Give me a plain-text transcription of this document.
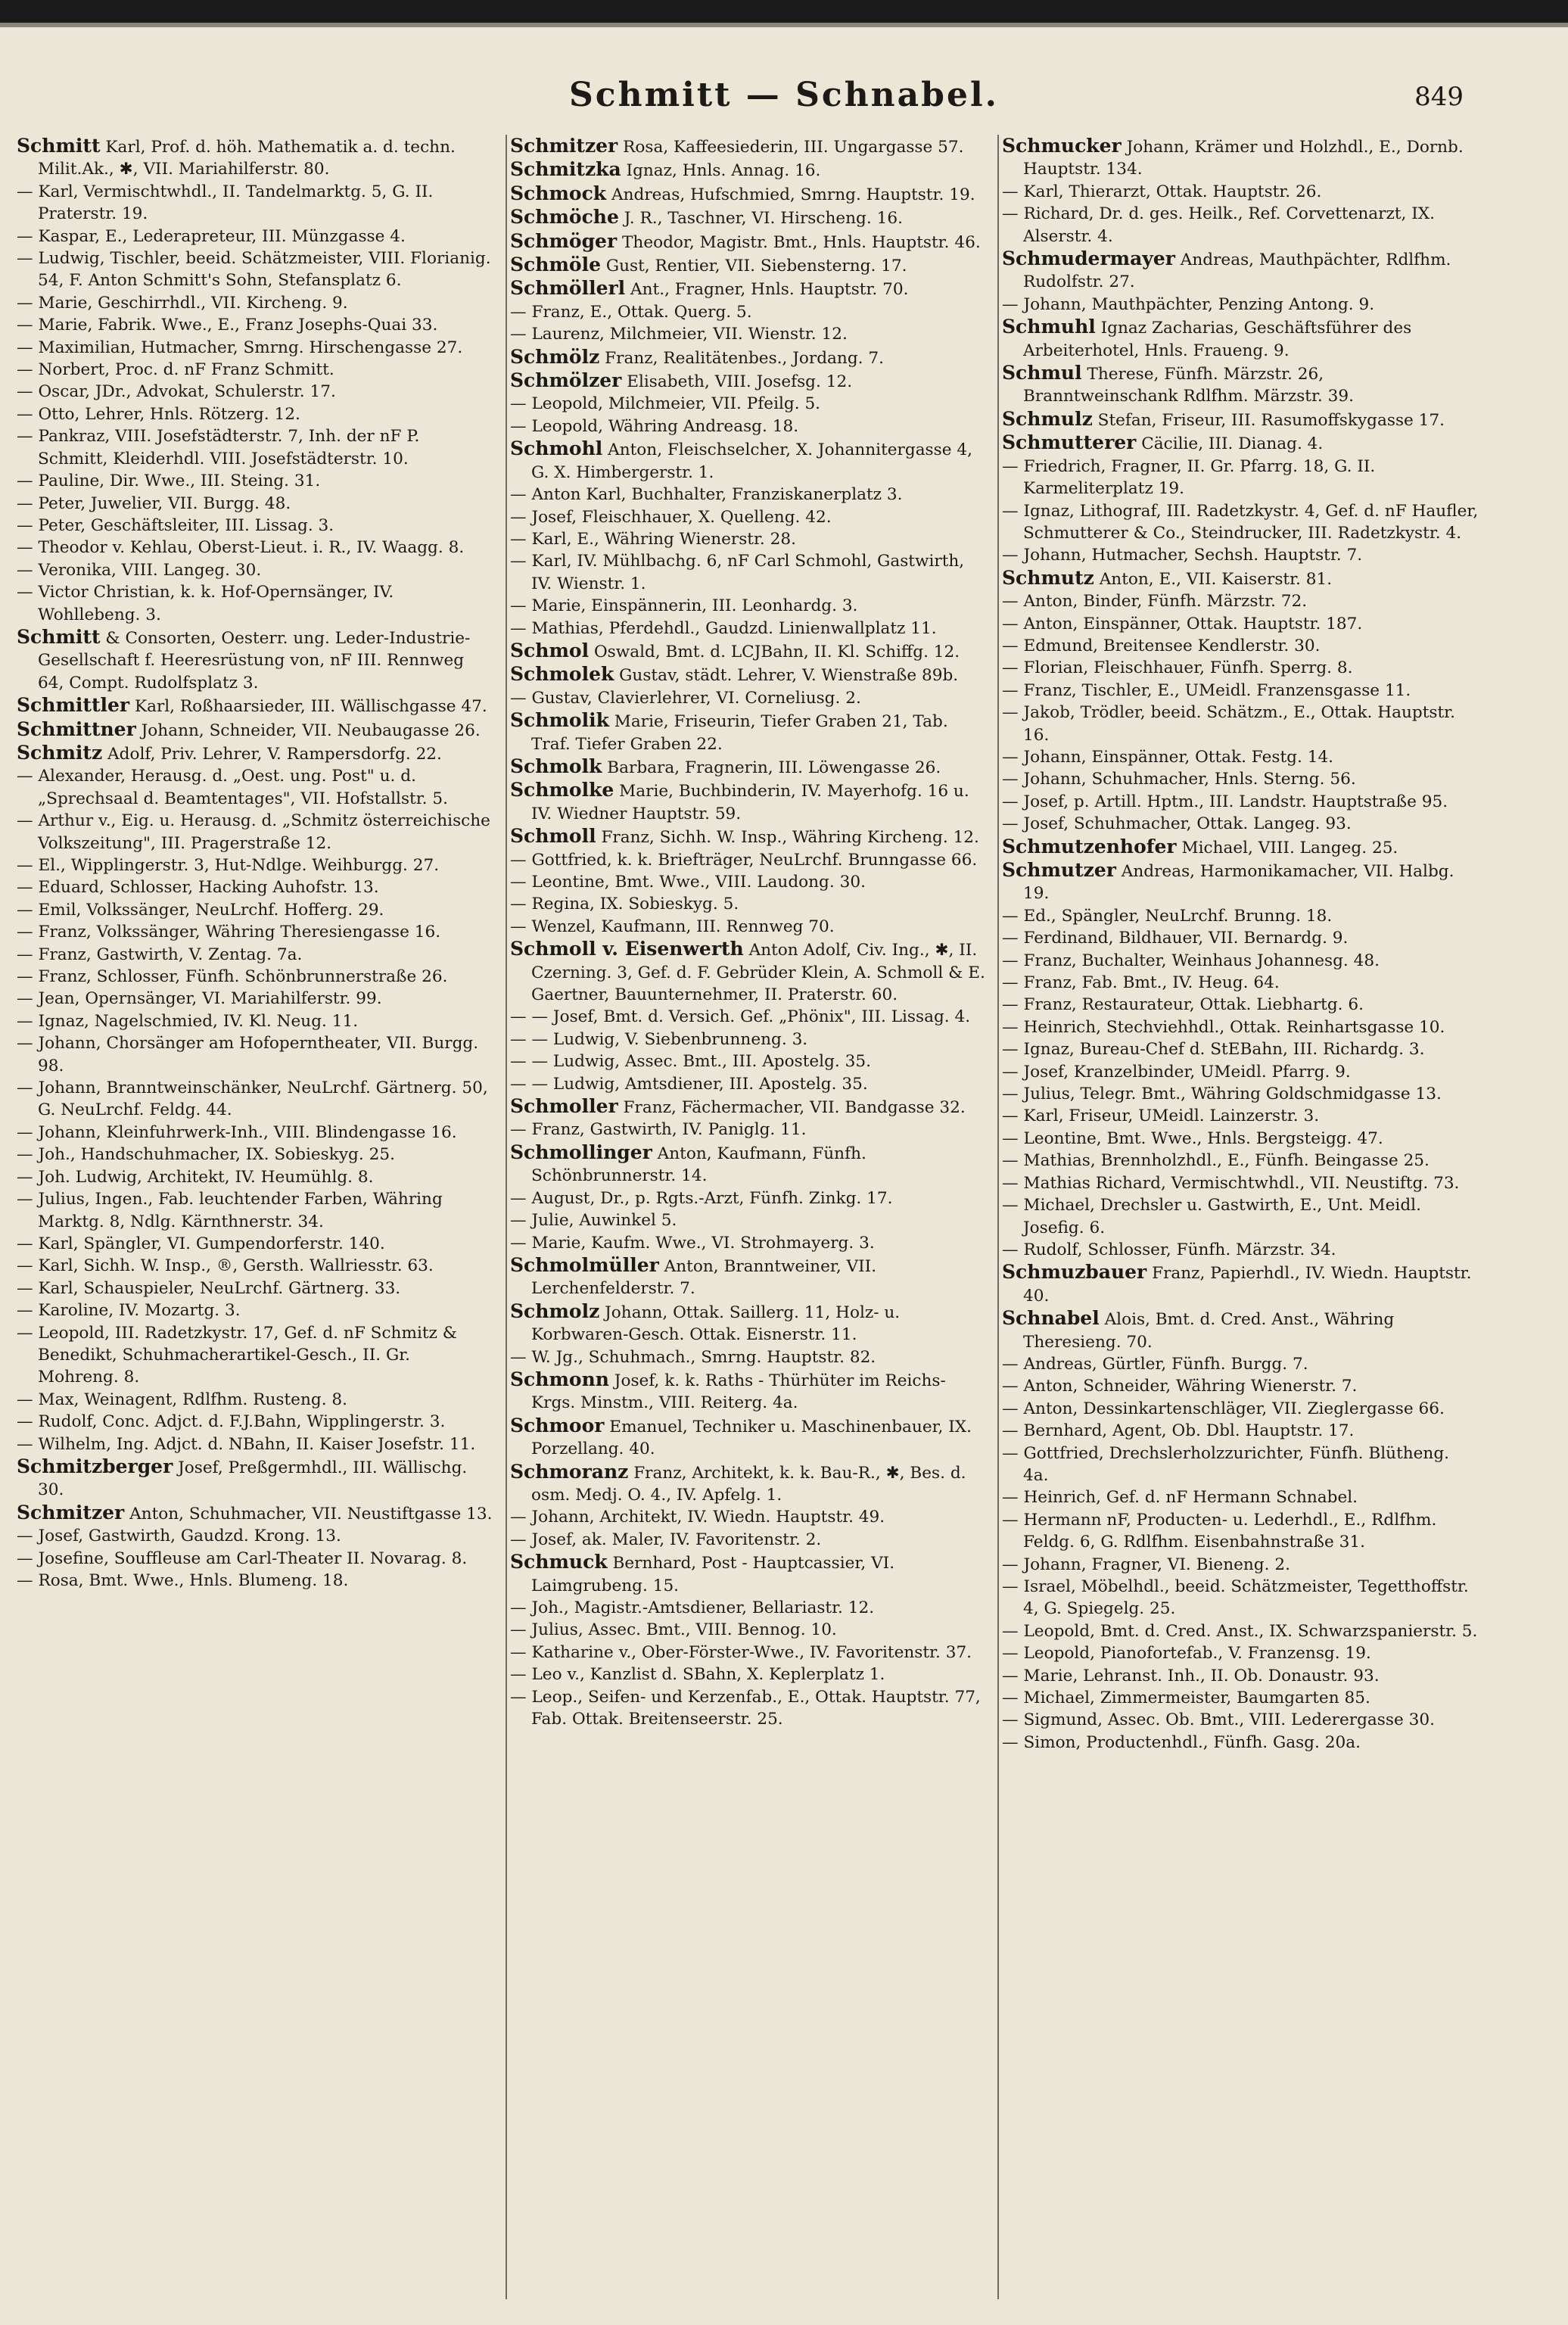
Schmitt — Schnabel.	849

Schmitt Karl, Prof. d. höh. Mathematik a. d. techn. Milit.Ak., ✱, VII. Mariahilferstr. 80.

— Karl, Vermischtwhdl., II. Tandelmarktg. 5, G. II. Praterstr. 19.

— Kaspar, E., Lederapreteur, III. Münzgasse 4.

— Ludwig, Tischler, beeid. Schätzmeister, VIII. Florianig. 54, F. Anton Schmitt's Sohn, Stefansplatz 6.

— Marie, Geschirrhdl., VII. Kircheng. 9.

— Marie, Fabrik. Wwe., E., Franz Josephs-Quai 33.

— Maximilian, Hutmacher, Smrng. Hirschengasse 27.

— Norbert, Proc. d. nF Franz Schmitt.

— Oscar, JDr., Advokat, Schulerstr. 17.

— Otto, Lehrer, Hnls. Rötzerg. 12.

— Pankraz, VIII. Josefstädterstr. 7, Inh. der nF P. Schmitt, Kleiderhdl. VIII. Josefstädterstr. 10.

— Pauline, Dir. Wwe., III. Steing. 31.

— Peter, Juwelier, VII. Burgg. 48.

— Peter, Geschäftsleiter, III. Lissag. 3.

— Theodor v. Kehlau, Oberst-Lieut. i. R., IV. Waagg. 8.

— Veronika, VIII. Langeg. 30.

— Victor Christian, k. k. Hof-Opernsänger, IV. Wohllebeng. 3.

Schmitt & Consorten, Oesterr. ung. Leder-Industrie-Gesellschaft f. Heeresrüstung von, nF III. Rennweg 64, Compt. Rudolfsplatz 3.

Schmittler Karl, Roßhaarsieder, III. Wällischgasse 47.

Schmittner Johann, Schneider, VII. Neubaugasse 26.

Schmitz Adolf, Priv. Lehrer, V. Rampersdorfg. 22.

— Alexander, Herausg. d. „Oest. ung. Post" u. d. „Sprechsaal d. Beamtentages", VII. Hofstallstr. 5.

— Arthur v., Eig. u. Herausg. d. „Schmitz österreichische Volkszeitung", III. Pragerstraße 12.

— El., Wipplingerstr. 3, Hut-Ndlge. Weihburgg. 27.

— Eduard, Schlosser, Hacking Auhofstr. 13.

— Emil, Volkssänger, NeuLrchf. Hofferg. 29.

— Franz, Volkssänger, Währing Theresiengasse 16.

— Franz, Gastwirth, V. Zentag. 7a.

— Franz, Schlosser, Fünfh. Schönbrunnerstraße 26.

— Jean, Opernsänger, VI. Mariahilferstr. 99.

— Ignaz, Nagelschmied, IV. Kl. Neug. 11.

— Johann, Chorsänger am Hofoperntheater, VII. Burgg. 98.

— Johann, Branntweinschänker, NeuLrchf. Gärtnerg. 50, G. NeuLrchf. Feldg. 44.

— Johann, Kleinfuhrwerk-Inh., VIII. Blindengasse 16.

— Joh., Handschuhmacher, IX. Sobieskyg. 25.

— Joh. Ludwig, Architekt, IV. Heumühlg. 8.

— Julius, Ingen., Fab. leuchtender Farben, Währing Marktg. 8, Ndlg. Kärnthnerstr. 34.

— Karl, Spängler, VI. Gumpendorferstr. 140.

— Karl, Sichh. W. Insp., ®, Gersth. Wallriesstr. 63.

— Karl, Schauspieler, NeuLrchf. Gärtnerg. 33.

— Karoline, IV. Mozartg. 3.

— Leopold, III. Radetzkystr. 17, Gef. d. nF Schmitz & Benedikt, Schuhmacherartikel-Gesch., II. Gr. Mohreng. 8.

— Max, Weinagent, Rdlfhm. Rusteng. 8.

— Rudolf, Conc. Adjct. d. F.J.Bahn, Wipplingerstr. 3.

— Wilhelm, Ing. Adjct. d. NBahn, II. Kaiser Josefstr. 11.

Schmitzberger Josef, Preßgermhdl., III. Wällischg. 30.

Schmitzer Anton, Schuhmacher, VII. Neustiftgasse 13.

— Josef, Gastwirth, Gaudzd. Krong. 13.

— Josefine, Souffleuse am Carl-Theater II. Novarag. 8.

— Rosa, Bmt. Wwe., Hnls. Blumeng. 18.

Schmitzer Rosa, Kaffeesiederin, III. Ungargasse 57.

Schmitzka Ignaz, Hnls. Annag. 16.

Schmock Andreas, Hufschmied, Smrng. Hauptstr. 19.

Schmöche J. R., Taschner, VI. Hirscheng. 16.

Schmöger Theodor, Magistr. Bmt., Hnls. Hauptstr. 46.

Schmöle Gust, Rentier, VII. Siebensterng. 17.

Schmöllerl Ant., Fragner, Hnls. Hauptstr. 70.

— Franz, E., Ottak. Querg. 5.

— Laurenz, Milchmeier, VII. Wienstr. 12.

Schmölz Franz, Realitätenbes., Jordang. 7.

Schmölzer Elisabeth, VIII. Josefsg. 12.

— Leopold, Milchmeier, VII. Pfeilg. 5.

— Leopold, Währing Andreasg. 18.

Schmohl Anton, Fleischselcher, X. Johannitergasse 4, G. X. Himbergerstr. 1.

— Anton Karl, Buchhalter, Franziskanerplatz 3.

— Josef, Fleischhauer, X. Quelleng. 42.

— Karl, E., Währing Wienerstr. 28.

— Karl, IV. Mühlbachg. 6, nF Carl Schmohl, Gastwirth, IV. Wienstr. 1.

— Marie, Einspännerin, III. Leonhardg. 3.

— Mathias, Pferdehdl., Gaudzd. Linienwallplatz 11.

Schmol Oswald, Bmt. d. LCJBahn, II. Kl. Schiffg. 12.

Schmolek Gustav, städt. Lehrer, V. Wienstraße 89b.

— Gustav, Clavierlehrer, VI. Corneliusg. 2.

Schmolik Marie, Friseurin, Tiefer Graben 21, Tab. Traf. Tiefer Graben 22.

Schmolk Barbara, Fragnerin, III. Löwengasse 26.

Schmolke Marie, Buchbinderin, IV. Mayerhofg. 16 u. IV. Wiedner Hauptstr. 59.

Schmoll Franz, Sichh. W. Insp., Währing Kircheng. 12.

— Gottfried, k. k. Briefträger, NeuLrchf. Brunngasse 66.

— Leontine, Bmt. Wwe., VIII. Laudong. 30.

— Regina, IX. Sobieskyg. 5.

— Wenzel, Kaufmann, III. Rennweg 70.

Schmoll v. Eisenwerth Anton Adolf, Civ. Ing., ✱, II. Czerning. 3, Gef. d. F. Gebrüder Klein, A. Schmoll & E. Gaertner, Bauunternehmer, II. Praterstr. 60.

— — Josef, Bmt. d. Versich. Gef. „Phönix", III. Lissag. 4.

— — Ludwig, V. Siebenbrunneng. 3.

— — Ludwig, Assec. Bmt., III. Apostelg. 35.

— — Ludwig, Amtsdiener, III. Apostelg. 35.

Schmoller Franz, Fächermacher, VII. Bandgasse 32.

— Franz, Gastwirth, IV. Paniglg. 11.

Schmollinger Anton, Kaufmann, Fünfh. Schönbrunnerstr. 14.

— August, Dr., p. Rgts.-Arzt, Fünfh. Zinkg. 17.

— Julie, Auwinkel 5.

— Marie, Kaufm. Wwe., VI. Strohmayerg. 3.

Schmolmüller Anton, Branntweiner, VII. Lerchenfelderstr. 7.

Schmolz Johann, Ottak. Saillerg. 11, Holz- u. Korbwaren-Gesch. Ottak. Eisnerstr. 11.

— W. Jg., Schuhmach., Smrng. Hauptstr. 82.

Schmonn Josef, k. k. Raths - Thürhüter im Reichs-Krgs. Minstm., VIII. Reiterg. 4a.

Schmoor Emanuel, Techniker u. Maschinenbauer, IX. Porzellang. 40.

Schmoranz Franz, Architekt, k. k. Bau-R., ✱, Bes. d. osm. Medj. O. 4., IV. Apfelg. 1.

— Johann, Architekt, IV. Wiedn. Hauptstr. 49.

— Josef, ak. Maler, IV. Favoritenstr. 2.

Schmuck Bernhard, Post - Hauptcassier, VI. Laimgrubeng. 15.

— Joh., Magistr.-Amtsdiener, Bellariastr. 12.

— Julius, Assec. Bmt., VIII. Bennog. 10.

— Katharine v., Ober-Förster-Wwe., IV. Favoritenstr. 37.

— Leo v., Kanzlist d. SBahn, X. Keplerplatz 1.

— Leop., Seifen- und Kerzenfab., E., Ottak. Hauptstr. 77, Fab. Ottak. Breitenseerstr. 25.

Schmucker Johann, Krämer und Holzhdl., E., Dornb. Hauptstr. 134.

— Karl, Thierarzt, Ottak. Hauptstr. 26.

— Richard, Dr. d. ges. Heilk., Ref. Corvettenarzt, IX. Alserstr. 4.

Schmudermayer Andreas, Mauthpächter, Rdlfhm. Rudolfstr. 27.

— Johann, Mauthpächter, Penzing Antong. 9.

Schmuhl Ignaz Zacharias, Geschäftsführer des Arbeiterhotel, Hnls. Fraueng. 9.

Schmul Therese, Fünfh. Märzstr. 26, Branntweinschank Rdlfhm. Märzstr. 39.

Schmulz Stefan, Friseur, III. Rasumoffskygasse 17.

Schmutterer Cäcilie, III. Dianag. 4.

— Friedrich, Fragner, II. Gr. Pfarrg. 18, G. II. Karmeliterplatz 19.

— Ignaz, Lithograf, III. Radetzkystr. 4, Gef. d. nF Haufler, Schmutterer & Co., Steindrucker, III. Radetzkystr. 4.

— Johann, Hutmacher, Sechsh. Hauptstr. 7.

Schmutz Anton, E., VII. Kaiserstr. 81.

— Anton, Binder, Fünfh. Märzstr. 72.

— Anton, Einspänner, Ottak. Hauptstr. 187.

— Edmund, Breitensee Kendlerstr. 30.

— Florian, Fleischhauer, Fünfh. Sperrg. 8.

— Franz, Tischler, E., UMeidl. Franzensgasse 11.

— Jakob, Trödler, beeid. Schätzm., E., Ottak. Hauptstr. 16.

— Johann, Einspänner, Ottak. Festg. 14.

— Johann, Schuhmacher, Hnls. Sterng. 56.

— Josef, p. Artill. Hptm., III. Landstr. Hauptstraße 95.

— Josef, Schuhmacher, Ottak. Langeg. 93.

Schmutzenhofer Michael, VIII. Langeg. 25.

Schmutzer Andreas, Harmonikamacher, VII. Halbg. 19.

— Ed., Spängler, NeuLrchf. Brunng. 18.

— Ferdinand, Bildhauer, VII. Bernardg. 9.

— Franz, Buchalter, Weinhaus Johannesg. 48.

— Franz, Fab. Bmt., IV. Heug. 64.

— Franz, Restaurateur, Ottak. Liebhartg. 6.

— Heinrich, Stechviehhdl., Ottak. Reinhartsgasse 10.

— Ignaz, Bureau-Chef d. StEBahn, III. Richardg. 3.

— Josef, Kranzelbinder, UMeidl. Pfarrg. 9.

— Julius, Telegr. Bmt., Währing Goldschmidgasse 13.

— Karl, Friseur, UMeidl. Lainzerstr. 3.

— Leontine, Bmt. Wwe., Hnls. Bergsteigg. 47.

— Mathias, Brennholzhdl., E., Fünfh. Beingasse 25.

— Mathias Richard, Vermischtwhdl., VII. Neustiftg. 73.

— Michael, Drechsler u. Gastwirth, E., Unt. Meidl. Josefig. 6.

— Rudolf, Schlosser, Fünfh. Märzstr. 34.

Schmuzbauer Franz, Papierhdl., IV. Wiedn. Hauptstr. 40.

Schnabel Alois, Bmt. d. Cred. Anst., Währing Theresieng. 70.

— Andreas, Gürtler, Fünfh. Burgg. 7.

— Anton, Schneider, Währing Wienerstr. 7.

— Anton, Dessinkartenschläger, VII. Zieglergasse 66.

— Bernhard, Agent, Ob. Dbl. Hauptstr. 17.

— Gottfried, Drechslerholzzurichter, Fünfh. Blütheng. 4a.

— Heinrich, Gef. d. nF Hermann Schnabel.

— Hermann nF, Producten- u. Lederhdl., E., Rdlfhm. Feldg. 6, G. Rdlfhm. Eisenbahnstraße 31.

— Johann, Fragner, VI. Bieneng. 2.

— Israel, Möbelhdl., beeid. Schätzmeister, Tegetthoffstr. 4, G. Spiegelg. 25.

— Leopold, Bmt. d. Cred. Anst., IX. Schwarzspanierstr. 5.

— Leopold, Pianofortefab., V. Franzensg. 19.

— Marie, Lehranst. Inh., II. Ob. Donaustr. 93.

— Michael, Zimmermeister, Baumgarten 85.

— Sigmund, Assec. Ob. Bmt., VIII. Lederergasse 30.

— Simon, Productenhdl., Fünfh. Gasg. 20a.
